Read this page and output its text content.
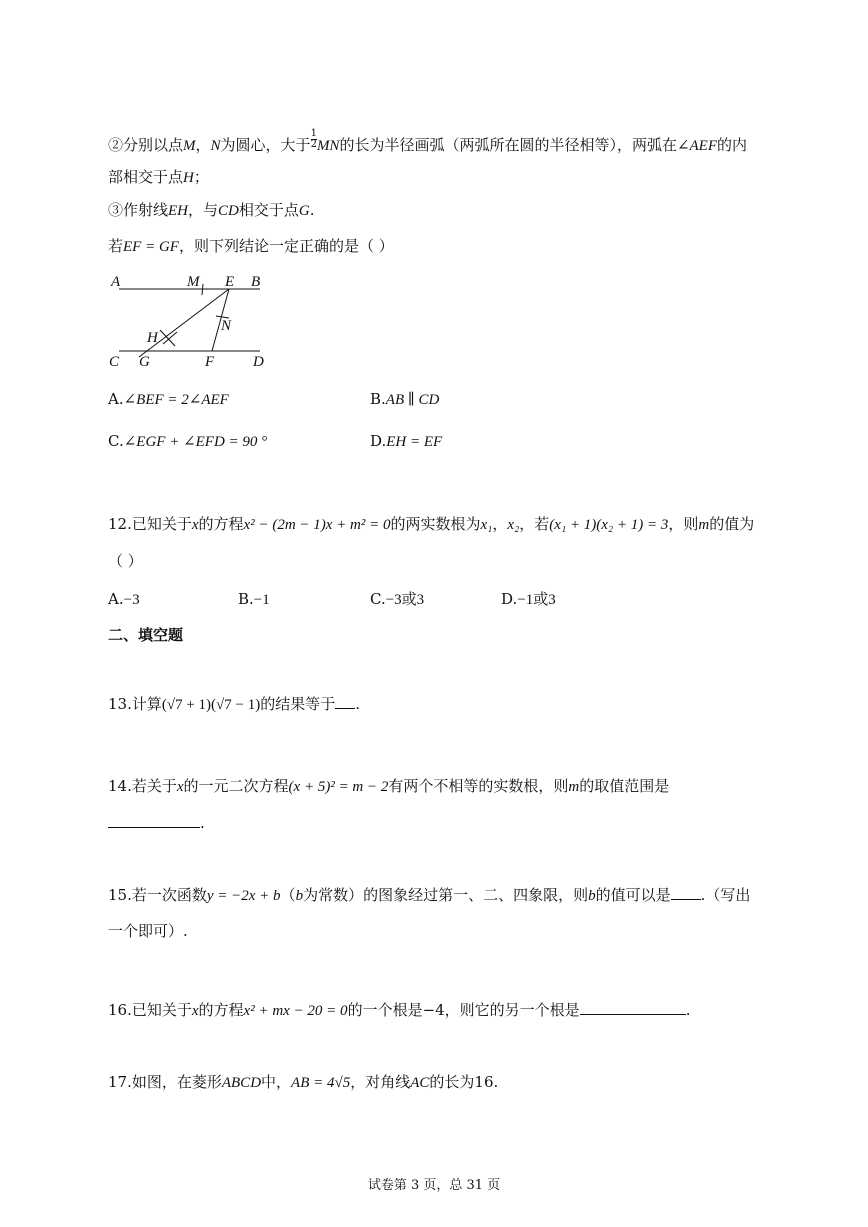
②分别以点M，N为圆心，大于 $\frac{1}{2}$ MN的长为半径画弧（两弧所在圆的半径相等），两弧在∠AEF的内
部相交于点H；
③作射线EH，与CD相交于点G.
若EF = GF，则下列结论一定正确的是（ ）
A	M E B
N
H
C G	F	D
A.∠BEF = 2∠AEF	B.AB ∥ CD
C.∠EGF + ∠EFD = 90 °	D.EH = EF
12.已知关于x的方程x² − (2m − 1)x + m² = 0的两实数根为x₁，x₂，若(x₁ + 1)(x₂ + 1) = 3，则m的值为
（ ）
A.−3	B.−1	C.−3或3	D.−1或3
二、填空题
13.计算(√7 + 1)(√7 − 1)的结果等于 .
14.若关于x的一元二次方程(x + 5)² = m − 2有两个不相等的实数根，则m的取值范围是
.
15.若一次函数y = −2x + b（b为常数）的图象经过第一、二、四象限，则b的值可以是 .（写出
一个即可）.
16.已知关于x的方程x² + mx − 20 = 0的一个根是−4，则它的另一个根是	.
17.如图，在菱形ABCD中，AB = 4√5，对角线AC的长为16.
试卷第 3 页，总 31 页
